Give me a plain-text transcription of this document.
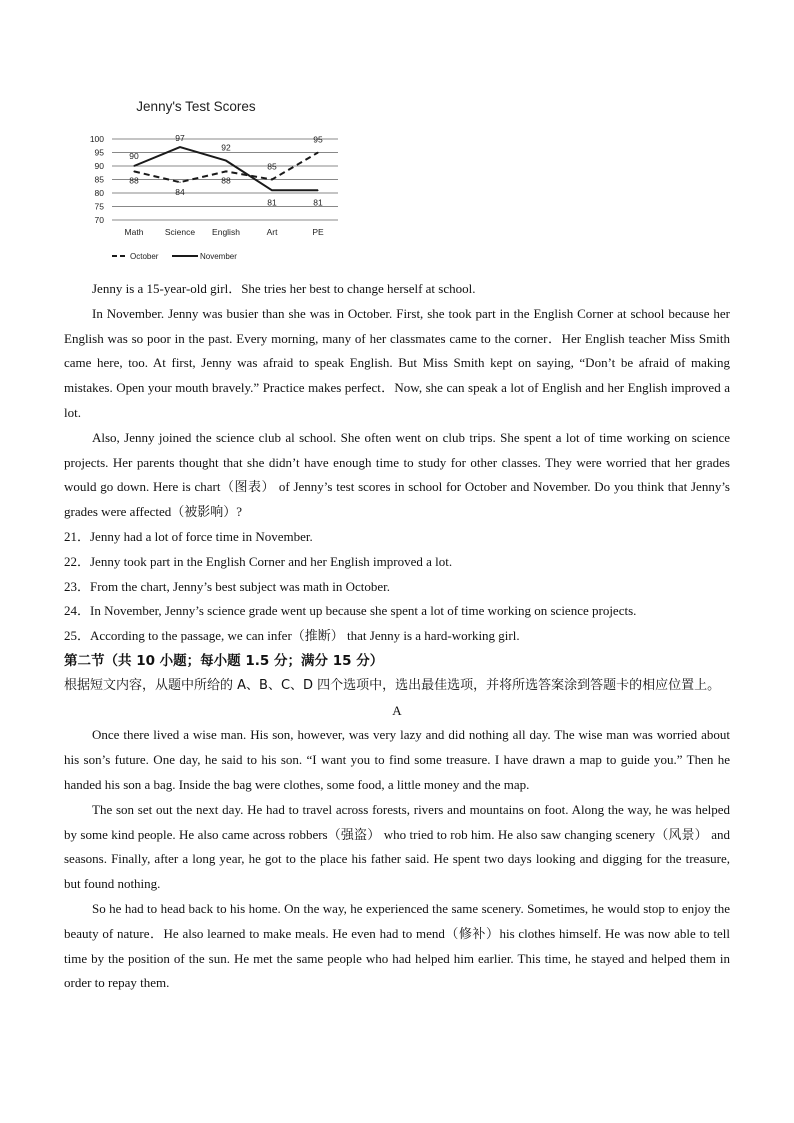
Jenny's Test Scores
100
95
90
85
80
75
70
Math	Science English	Art	PE
90
97
92
81	81
88
84
88
85
95
October	November

Jenny is a 15-year-old girl．She tries her best to change herself at school.

In November. Jenny was busier than she was in October. First, she took part in the English Corner at school because her English was so poor in the past. Every morning, many of her classmates came to the corner．Her English teacher Miss Smith came here, too. At first, Jenny was afraid to speak English. But Miss Smith kept on saying, “Don’t be afraid of making mistakes. Open your mouth bravely.” Practice makes perfect．Now, she can speak a lot of English and her English improved a lot.

Also, Jenny joined the science club al school. She often went on club trips. She spent a lot of time working on science projects. Her parents thought that she didn’t have enough time to study for other classes. They were worried that her grades would go down. Here is chart（图表） of Jenny’s test scores in school for October and November. Do you think that Jenny’s grades were affected（被影响）?

21．Jenny had a lot of force time in November.

22．Jenny took part in the English Corner and her English improved a lot.

23．From the chart, Jenny’s best subject was math in October.

24．In November, Jenny’s science grade went up because she spent a lot of time working on science projects.

25．According to the passage, we can infer（推断） that Jenny is a hard-working girl.

第二节（共 10 小题；每小题 1.5 分；满分 15 分）

根据短文内容，从题中所给的 A、B、C、D 四个选项中，选出最佳选项，并将所选答案涂到答题卡的相应位置上。

A

Once there lived a wise man. His son, however, was very lazy and did nothing all day. The wise man was worried about his son’s future. One day, he said to his son. “I want you to find some treasure. I have drawn a map to guide you.” Then he handed his son a bag. Inside the bag were clothes, some food, a little money and the map.

The son set out the next day. He had to travel across forests, rivers and mountains on foot. Along the way, he was helped by some kind people. He also came across robbers（强盗） who tried to rob him. He also saw changing scenery（风景） and seasons. Finally, after a long year, he got to the place his father said. He spent two days looking and digging for the treasure, but found nothing.

So he had to head back to his home. On the way, he experienced the same scenery. Sometimes, he would stop to enjoy the beauty of nature．He also learned to make meals. He even had to mend（修补）his clothes himself. He was now able to tell time by the position of the sun. He met the same people who had helped him earlier. This time, he stayed and helped them in order to repay them.
